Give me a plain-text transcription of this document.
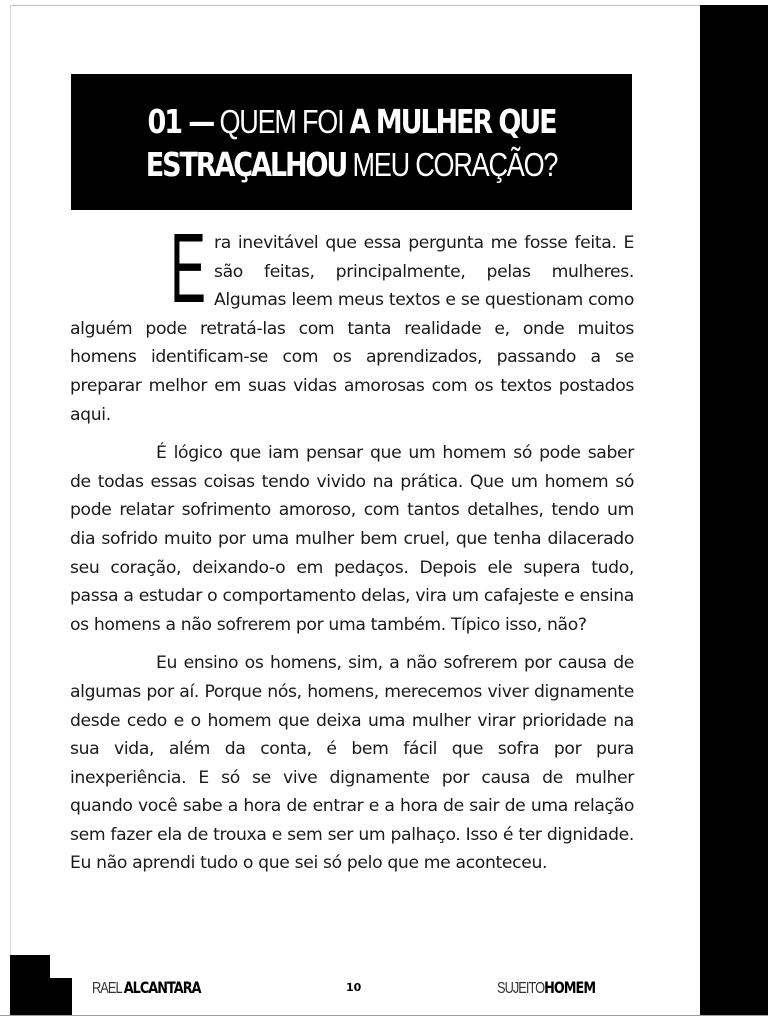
01 — QUEM FOI A MULHER QUE
ESTRAÇALHOU MEU CORAÇÃO?

Era inevitável que essa pergunta me fosse feita. E são feitas, principalmente, pelas mulheres. Algumas leem meus textos e se questionam como alguém pode retratá-las com tanta realidade e, onde muitos homens identificam-se com os aprendizados, passando a se preparar melhor em suas vidas amorosas com os textos postados aqui.

É lógico que iam pensar que um homem só pode saber de todas essas coisas tendo vivido na prática. Que um homem só pode relatar sofrimento amoroso, com tantos detalhes, tendo um dia sofrido muito por uma mulher bem cruel, que tenha dilacerado seu coração, deixando-o em pedaços. Depois ele supera tudo, passa a estudar o comportamento delas, vira um cafajeste e ensina os homens a não sofrerem por uma também. Típico isso, não?

Eu ensino os homens, sim, a não sofrerem por causa de algumas por aí. Porque nós, homens, merecemos viver dignamente desde cedo e o homem que deixa uma mulher virar prioridade na sua vida, além da conta, é bem fácil que sofra por pura inexperiência. E só se vive dignamente por causa de mulher quando você sabe a hora de entrar e a hora de sair de uma relação sem fazer ela de trouxa e sem ser um palhaço. Isso é ter dignidade. Eu não aprendi tudo o que sei só pelo que me aconteceu.

RAEL ALCANTARA	10	SUJEITOHOMEM
